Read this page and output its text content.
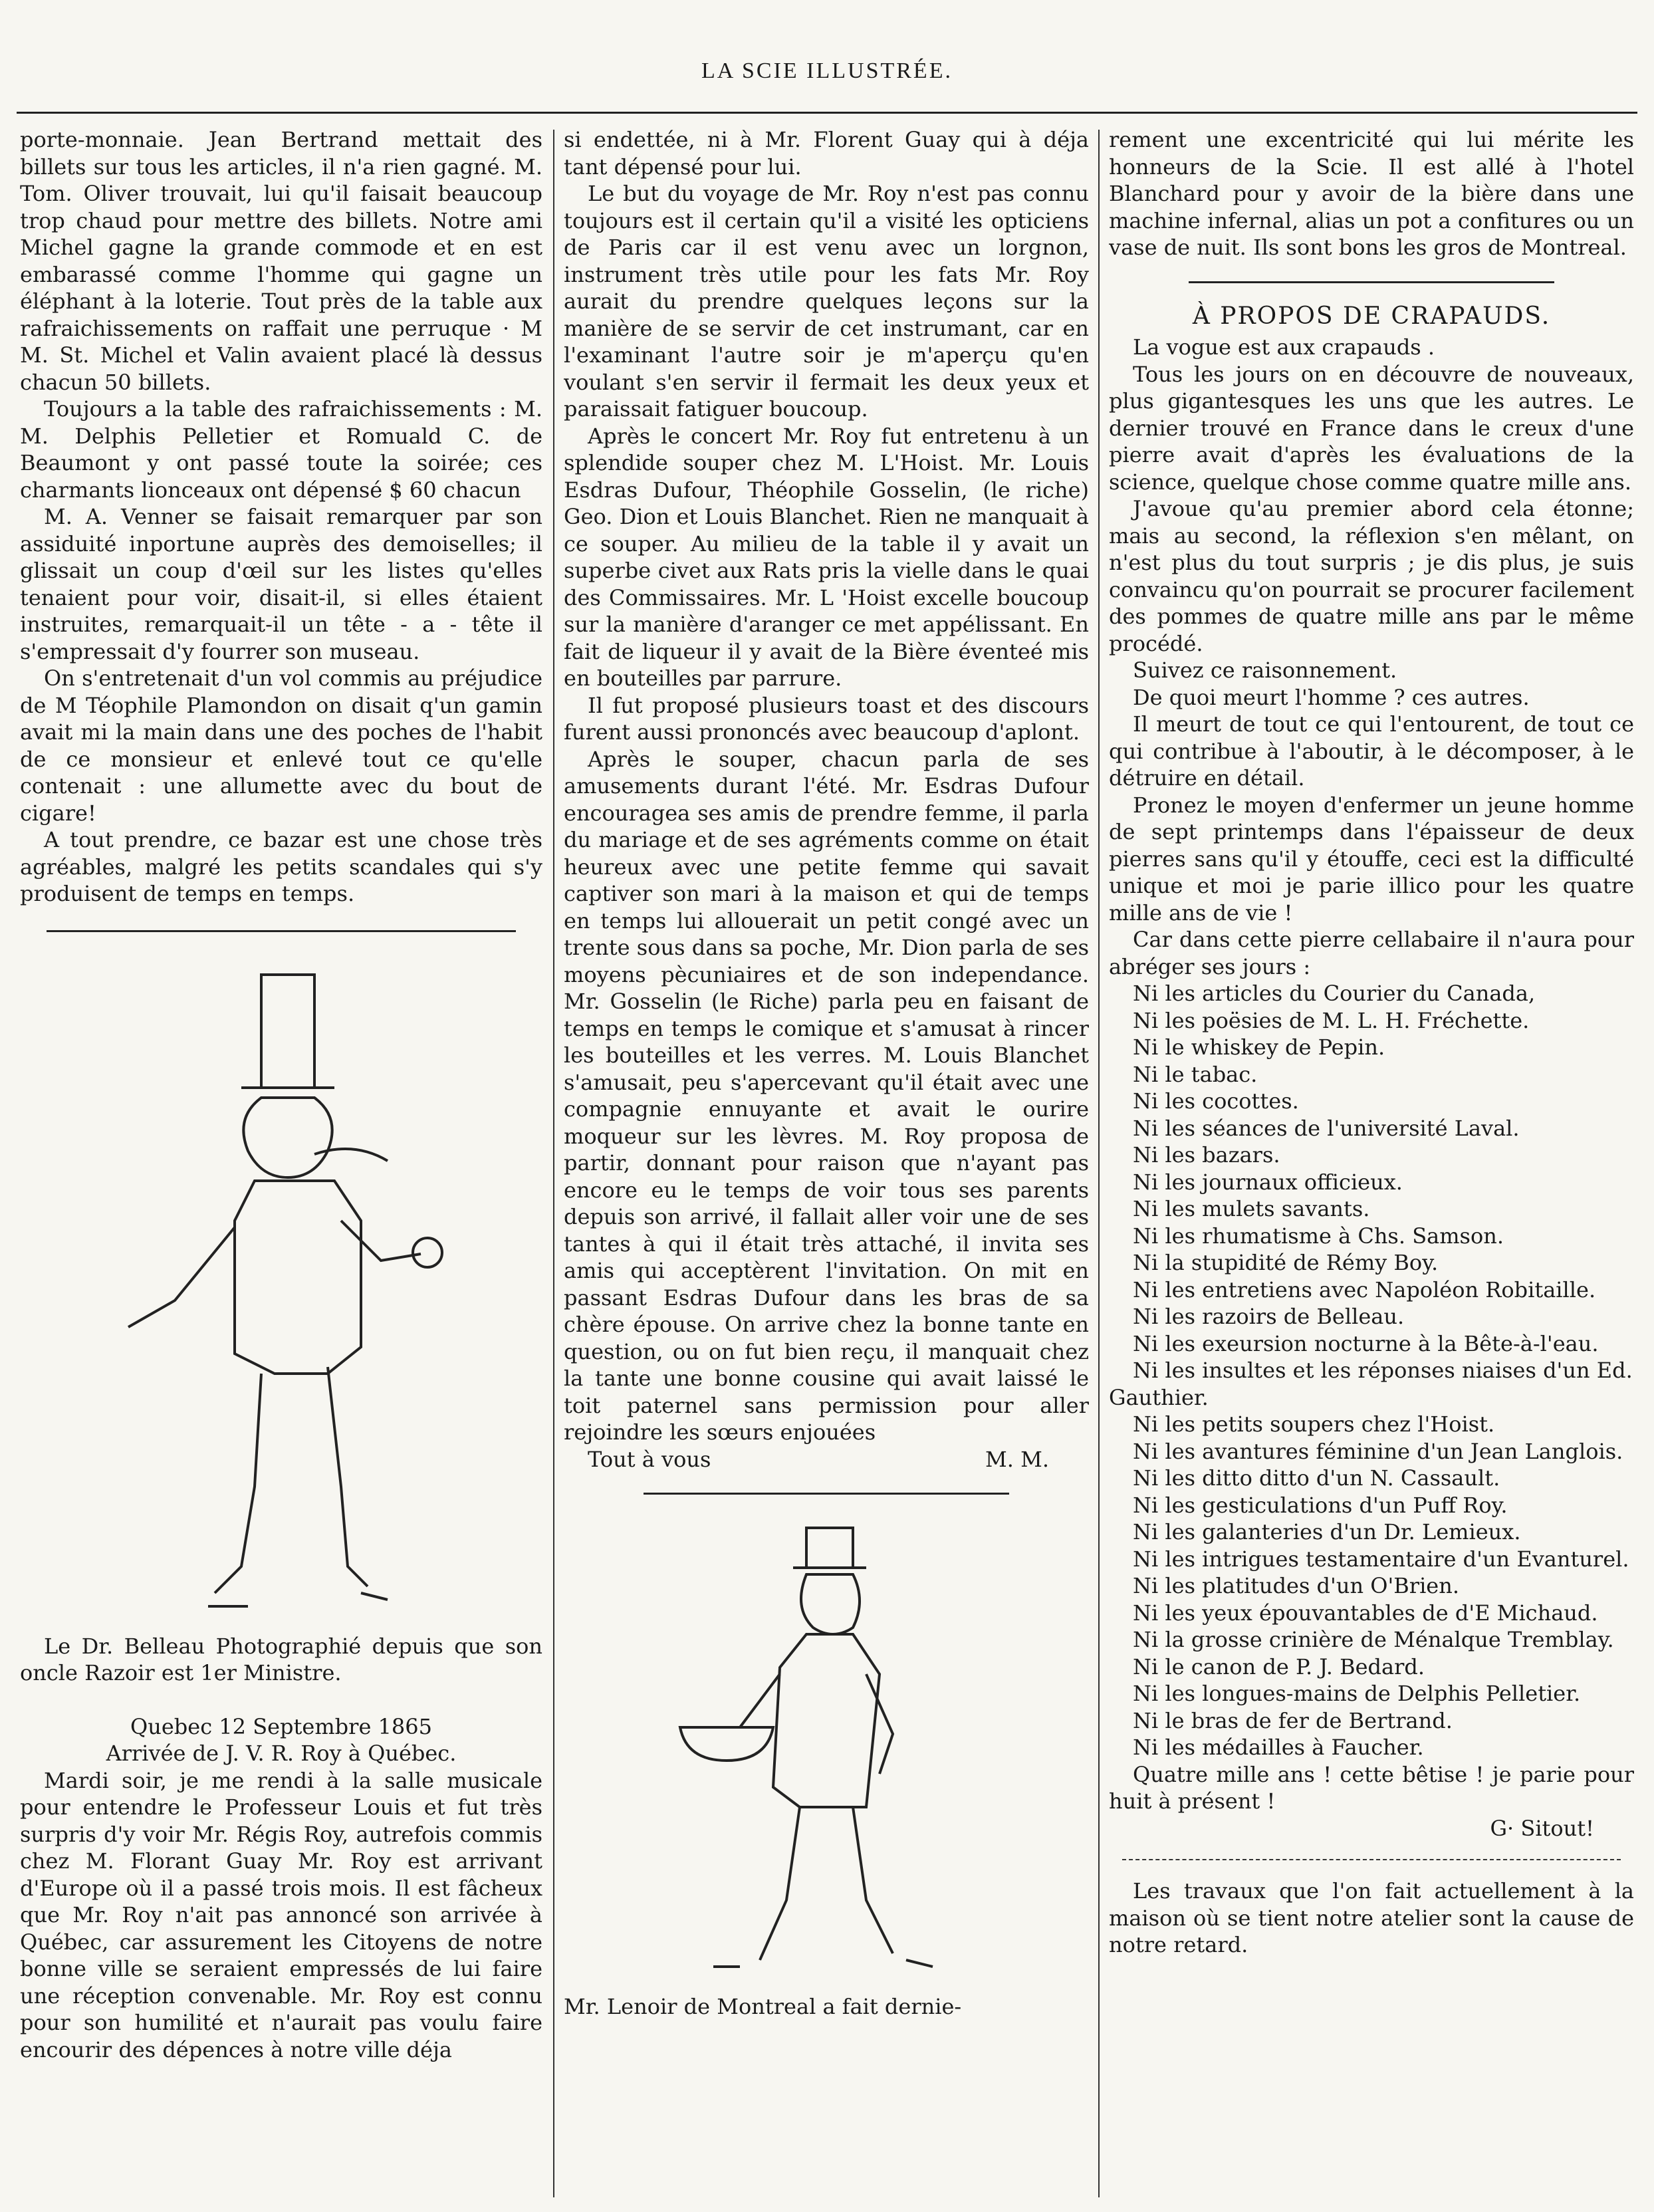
LA SCIE ILLUSTRÉE.

porte-monnaie. Jean Bertrand mettait des billets sur tous les articles, il n'a rien gagné. M. Tom. Oliver trouvait, lui qu'il faisait beaucoup trop chaud pour mettre des billets. Notre ami Michel gagne la grande commode et en est embarassé comme l'homme qui gagne un éléphant à la loterie. Tout près de la table aux rafraichissements on raffait une perruque · M M. St. Michel et Valin avaient placé là dessus chacun 50 billets.

Toujours a la table des rafraichissements : M. M. Delphis Pelletier et Romuald C. de Beaumont y ont passé toute la soirée; ces charmants lionceaux ont dépensé $ 60 chacun

M. A. Venner se faisait remarquer par son assiduité inportune auprès des demoiselles; il glissait un coup d'œil sur les listes qu'elles tenaient pour voir, disait-il, si elles étaient instruites, remarquait-il un tête - a - tête il s'empressait d'y fourrer son museau.

On s'entretenait d'un vol commis au préjudice de M Téophile Plamondon on disait q'un gamin avait mi la main dans une des poches de l'habit de ce monsieur et enlevé tout ce qu'elle contenait : une allumette avec du bout de cigare!

A tout prendre, ce bazar est une chose très agréables, malgré les petits scandales qui s'y produisent de temps en temps.

Le Dr. Belleau Photographié depuis que son oncle Razoir est 1er Ministre.

Quebec 12 Septembre 1865

Arrivée de J. V. R. Roy à Québec.

Mardi soir, je me rendi à la salle musicale pour entendre le Professeur Louis et fut très surpris d'y voir Mr. Régis Roy, autrefois commis chez M. Florant Guay Mr. Roy est arrivant d'Europe où il a passé trois mois. Il est fâcheux que Mr. Roy n'ait pas annoncé son arrivée à Québec, car assurement les Citoyens de notre bonne ville se seraient empressés de lui faire une réception convenable. Mr. Roy est connu pour son humilité et n'aurait pas voulu faire encourir des dépences à notre ville déja

si endettée, ni à Mr. Florent Guay qui à déja tant dépensé pour lui.

Le but du voyage de Mr. Roy n'est pas connu toujours est il certain qu'il a visité les opticiens de Paris car il est venu avec un lorgnon, instrument très utile pour les fats Mr. Roy aurait du prendre quelques leçons sur la manière de se servir de cet instrumant, car en l'examinant l'autre soir je m'aperçu qu'en voulant s'en servir il fermait les deux yeux et paraissait fatiguer boucoup.

Après le concert Mr. Roy fut entretenu à un splendide souper chez M. L'Hoist. Mr. Louis Esdras Dufour, Théophile Gosselin, (le riche) Geo. Dion et Louis Blanchet. Rien ne manquait à ce souper. Au milieu de la table il y avait un superbe civet aux Rats pris la vielle dans le quai des Commissaires. Mr. L 'Hoist excelle boucoup sur la manière d'aranger ce met appélissant. En fait de liqueur il y avait de la Bière éventeé mis en bouteilles par parrure.

Il fut proposé plusieurs toast et des discours furent aussi prononcés avec beaucoup d'aplont.

Après le souper, chacun parla de ses amusements durant l'été. Mr. Esdras Dufour encouragea ses amis de prendre femme, il parla du mariage et de ses agréments comme on était heureux avec une petite femme qui savait captiver son mari à la maison et qui de temps en temps lui allouerait un petit congé avec un trente sous dans sa poche, Mr. Dion parla de ses moyens pècuniaires et de son independance. Mr. Gosselin (le Riche) parla peu en faisant de temps en temps le comique et s'amusat à rincer les bouteilles et les verres. M. Louis Blanchet s'amusait, peu s'apercevant qu'il était avec une compagnie ennuyante et avait le ourire moqueur sur les lèvres. M. Roy proposa de partir, donnant pour raison que n'ayant pas encore eu le temps de voir tous ses parents depuis son arrivé, il fallait aller voir une de ses tantes à qui il était très attaché, il invita ses amis qui acceptèrent l'invitation. On mit en passant Esdras Dufour dans les bras de sa chère épouse. On arrive chez la bonne tante en question, ou on fut bien reçu, il manquait chez la tante une bonne cousine qui avait laissé le toit paternel sans permission pour aller rejoindre les sœurs enjouées

Tout à vous	M. M.

Mr. Lenoir de Montreal a fait dernie-

rement une excentricité qui lui mérite les honneurs de la Scie. Il est allé à l'hotel Blanchard pour y avoir de la bière dans une machine infernal, alias un pot a confitures ou un vase de nuit. Ils sont bons les gros de Montreal.

À PROPOS DE CRAPAUDS.

La vogue est aux crapauds .

Tous les jours on en découvre de nouveaux, plus gigantesques les uns que les autres. Le dernier trouvé en France dans le creux d'une pierre avait d'après les évaluations de la science, quelque chose comme quatre mille ans.

J'avoue qu'au premier abord cela étonne; mais au second, la réflexion s'en mêlant, on n'est plus du tout surpris ; je dis plus, je suis convaincu qu'on pourrait se procurer facilement des pommes de quatre mille ans par le même procédé.

Suivez ce raisonnement.

De quoi meurt l'homme ? ces autres.

Il meurt de tout ce qui l'entourent, de tout ce qui contribue à l'aboutir, à le décomposer, à le détruire en détail.

Pronez le moyen d'enfermer un jeune homme de sept printemps dans l'épaisseur de deux pierres sans qu'il y étouffe, ceci est la difficulté unique et moi je parie illico pour les quatre mille ans de vie !

Car dans cette pierre cellabaire il n'aura pour abréger ses jours :

Ni les articles du Courier du Canada,

Ni les poësies de M. L. H. Fréchette.

Ni le whiskey de Pepin.

Ni le tabac.

Ni les cocottes.

Ni les séances de l'université Laval.

Ni les bazars.

Ni les journaux officieux.

Ni les mulets savants.

Ni les rhumatisme à Chs. Samson.

Ni la stupidité de Rémy Boy.

Ni les entretiens avec Napoléon Robitaille.

Ni les razoirs de Belleau.

Ni les exeursion nocturne à la Bête-à-l'eau.

Ni les insultes et les réponses niaises d'un Ed. Gauthier.

Ni les petits soupers chez l'Hoist.

Ni les avantures féminine d'un Jean Langlois.

Ni les ditto ditto d'un N. Cassault.

Ni les gesticulations d'un Puff Roy.

Ni les galanteries d'un Dr. Lemieux.

Ni les intrigues testamentaire d'un Evanturel.

Ni les platitudes d'un O'Brien.

Ni les yeux épouvantables de d'E Michaud.

Ni la grosse crinière de Ménalque Tremblay.

Ni le canon de P. J. Bedard.

Ni les longues-mains de Delphis Pelletier.

Ni le bras de fer de Bertrand.

Ni les médailles à Faucher.

Quatre mille ans ! cette bêtise ! je parie pour huit à présent !

G· Sitout!

Les travaux que l'on fait actuellement à la maison où se tient notre atelier sont la cause de notre retard.
